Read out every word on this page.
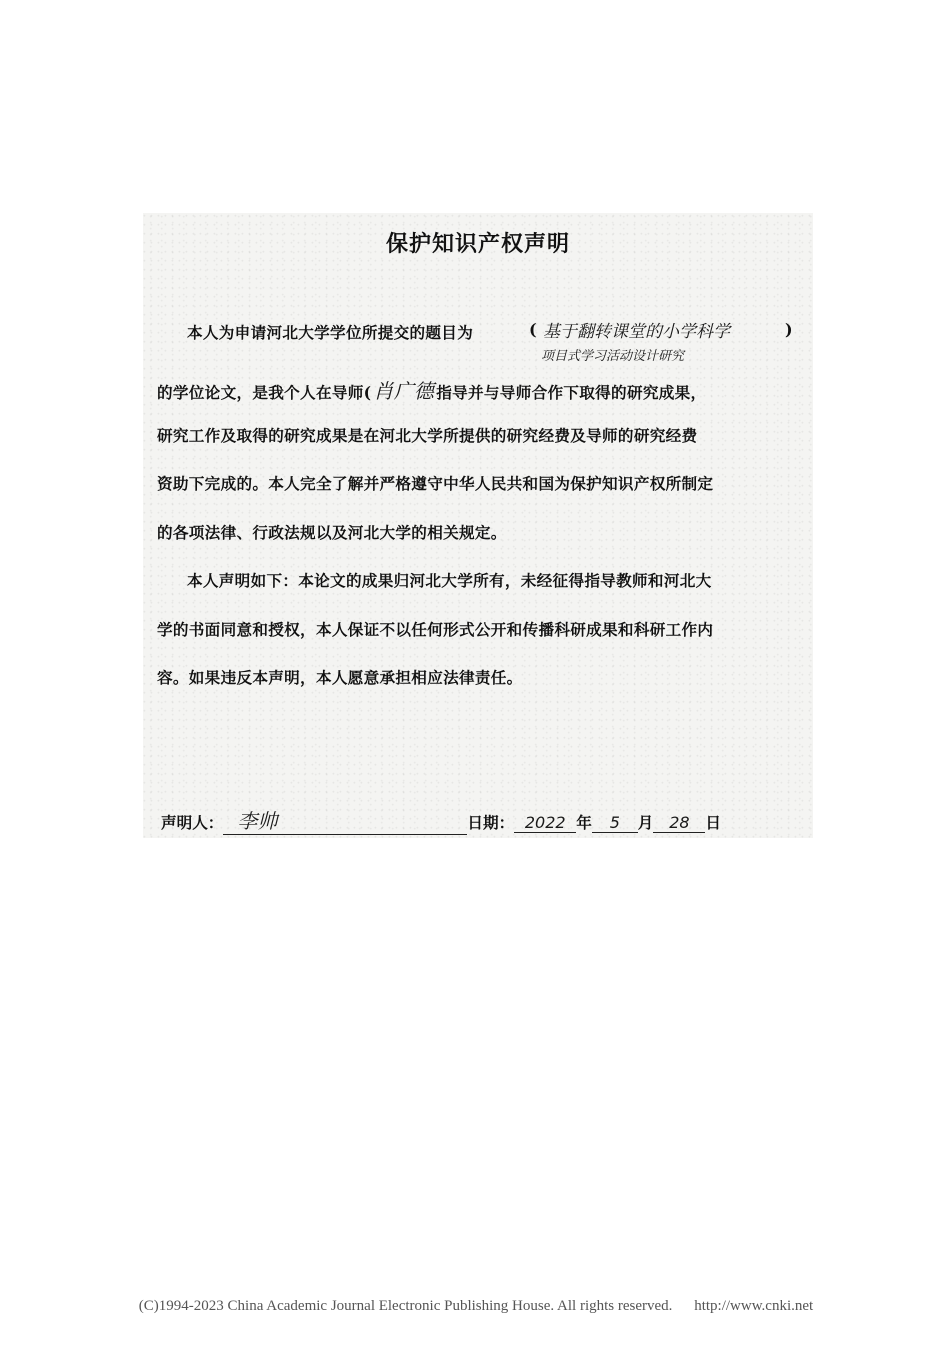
保护知识产权声明
本人为申请河北大学学位所提交的题目为	( 基于翻转课堂的小学科学	)
项目式学习活动设计研究
的学位论文，是我个人在导师( 肖广德 指导并与导师合作下取得的研究成果，
研究工作及取得的研究成果是在河北大学所提供的研究经费及导师的研究经费
资助下完成的。本人完全了解并严格遵守中华人民共和国为保护知识产权所制定
的各项法律、行政法规以及河北大学的相关规定。
本人声明如下：本论文的成果归河北大学所有，未经征得指导教师和河北大
学的书面同意和授权，本人保证不以任何形式公开和传播科研成果和科研工作内
容。如果违反本声明，本人愿意承担相应法律责任。
声明人： 李帅	日期： 2022 年 5 月 28 日
(C)1994-2023 China Academic Journal Electronic Publishing House. All rights reserved. http://www.cnki.net
